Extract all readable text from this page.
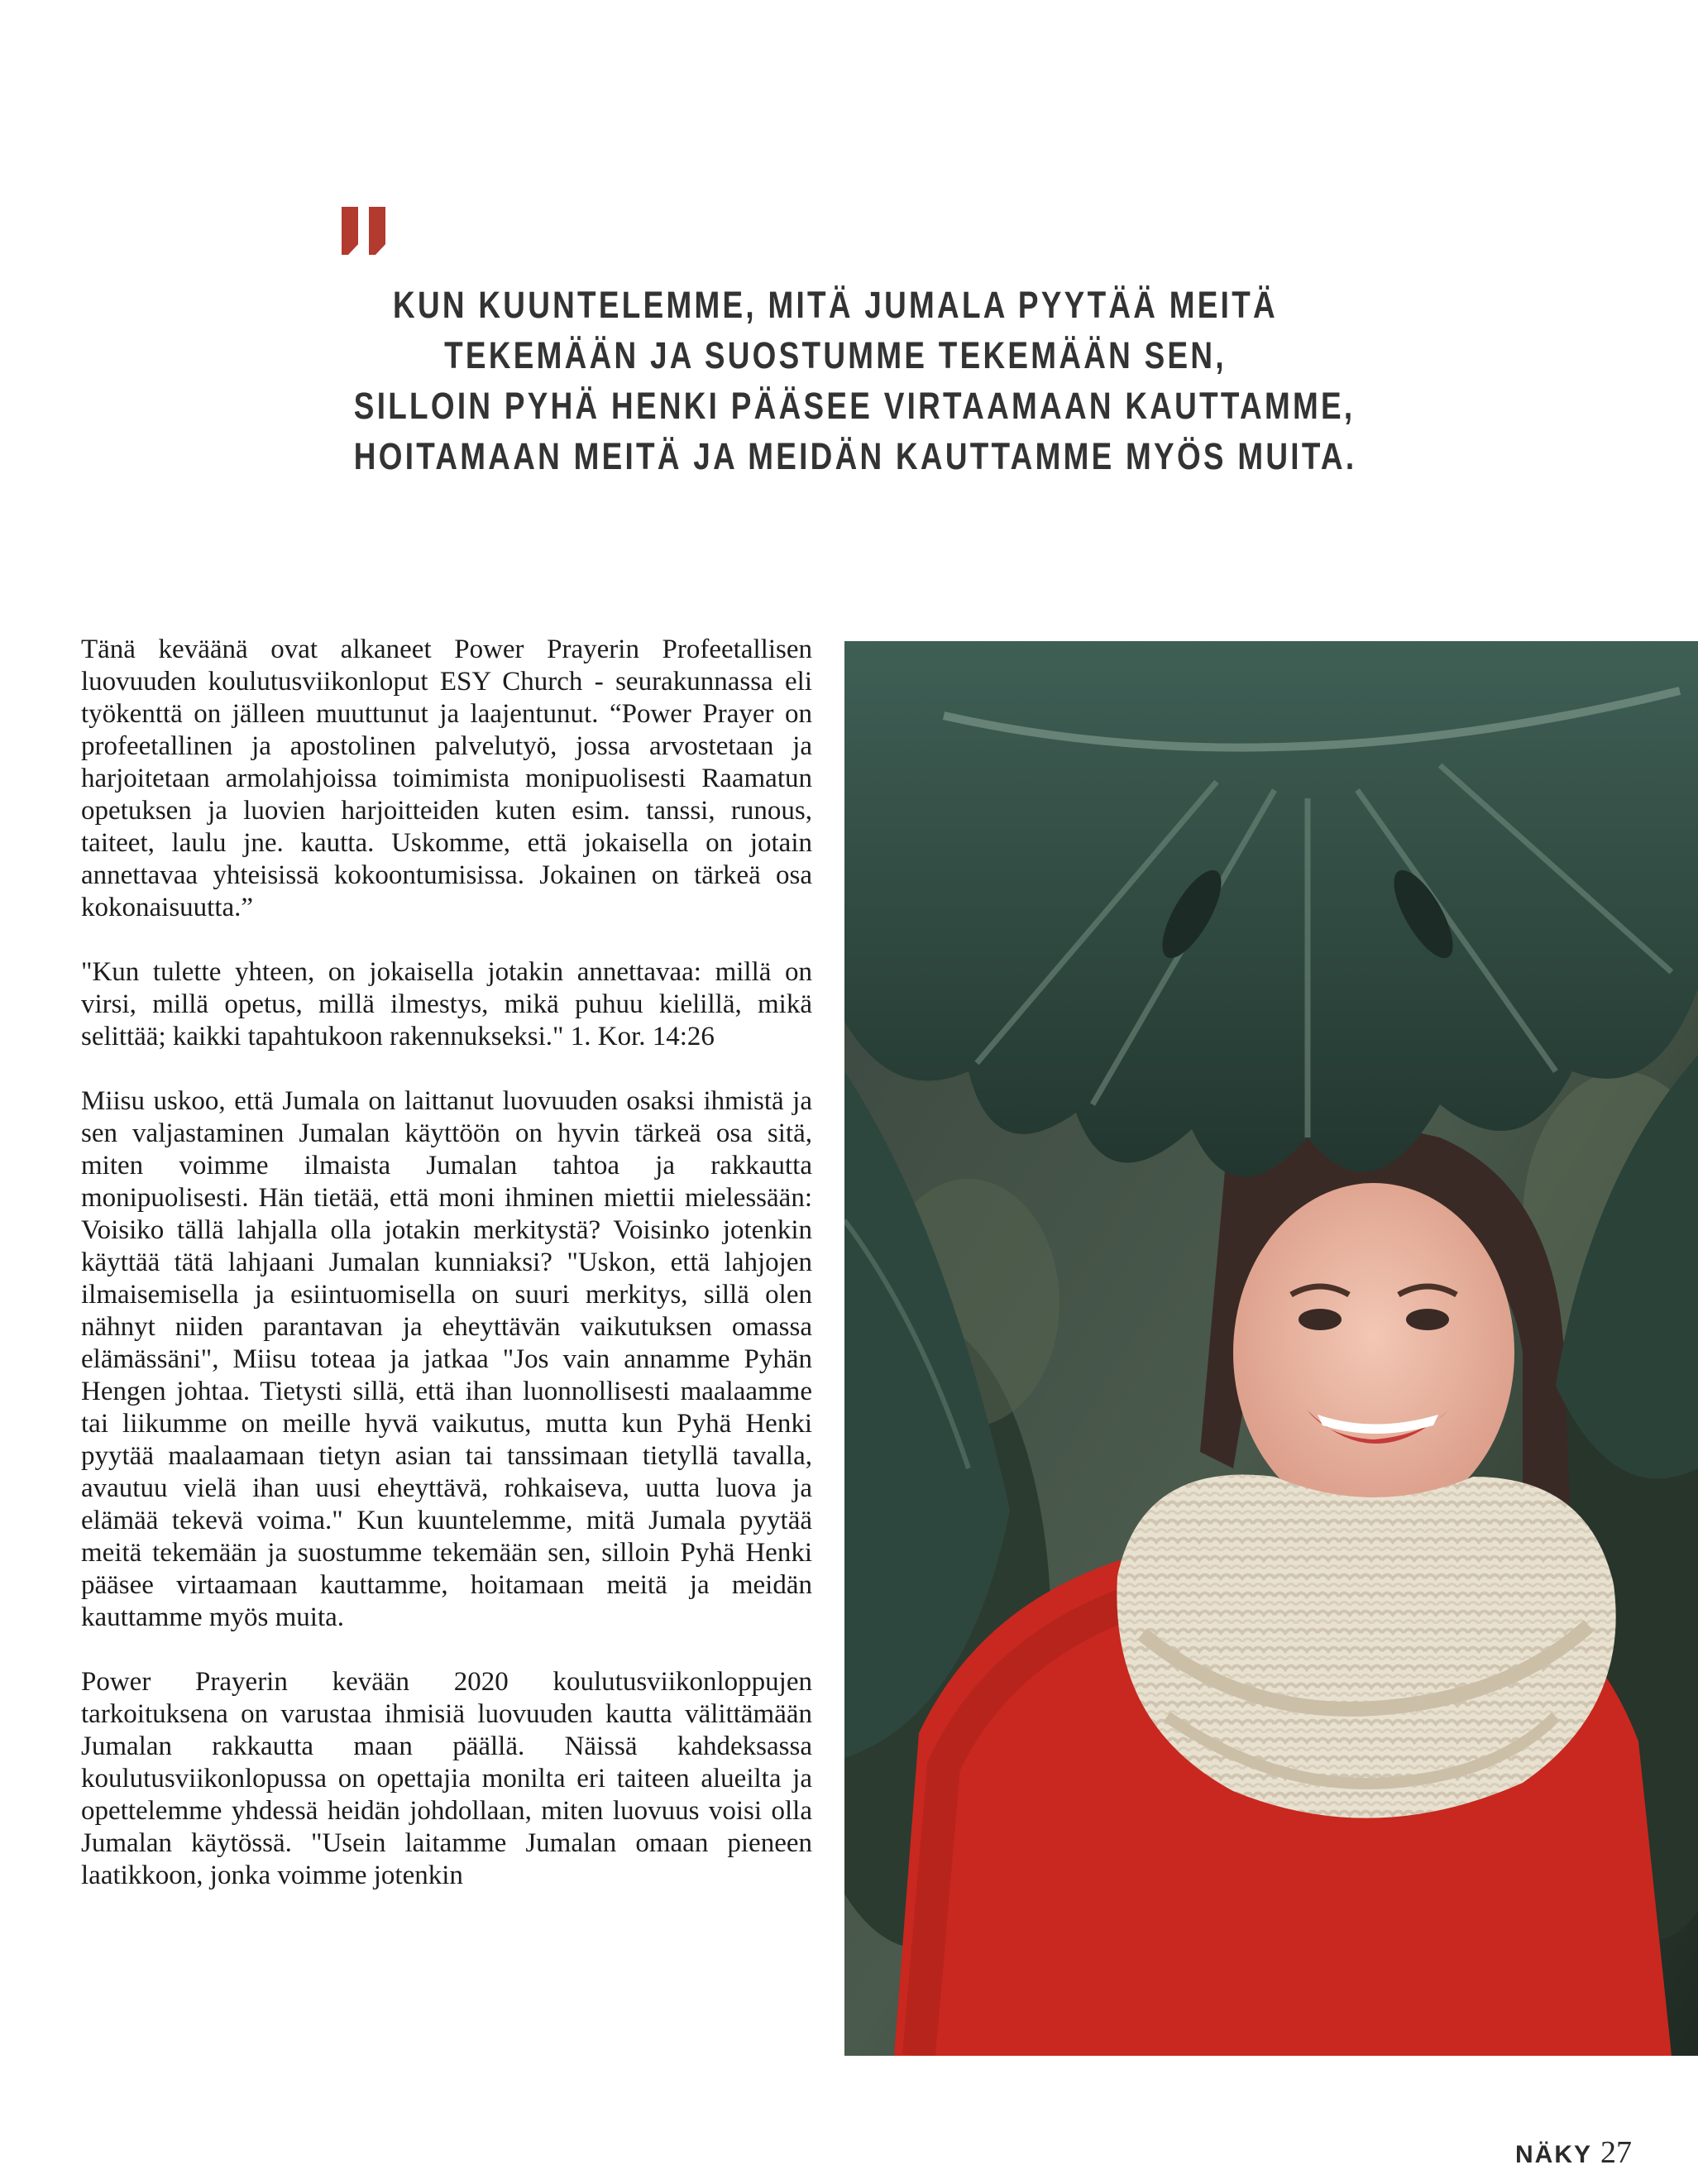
KUN KUUNTELEMME, MITÄ JUMALA PYYTÄÄ MEITÄ
TEKEMÄÄN JA SUOSTUMME TEKEMÄÄN SEN,
SILLOIN PYHÄ HENKI PÄÄSEE VIRTAAMAAN KAUTTAMME,
HOITAMAAN MEITÄ JA MEIDÄN KAUTTAMME MYÖS MUITA.

Tänä keväänä ovat alkaneet Power Prayerin Profeetallisen luovuuden koulutusviikonloput ESY Church - seurakunnassa eli työkenttä on jälleen muuttunut ja laajentunut. “Power Prayer on profeetallinen ja apostolinen palvelutyö, jossa arvostetaan ja harjoitetaan armolahjoissa toimimista monipuolisesti Raamatun opetuksen ja luovien harjoitteiden kuten esim. tanssi, runous, taiteet, laulu jne. kautta. Uskomme, että jokaisella on jotain annettavaa yhteisissä kokoontumisissa. Jokainen on tärkeä osa kokonaisuutta.”

"Kun tulette yhteen, on jokaisella jotakin annettavaa: millä on virsi, millä opetus, millä ilmestys, mikä puhuu kielillä, mikä selittää; kaikki tapahtukoon rakennukseksi." 1. Kor. 14:26

Miisu uskoo, että Jumala on laittanut luovuuden osaksi ihmistä ja sen valjastaminen Jumalan käyttöön on hyvin tärkeä osa sitä, miten voimme ilmaista Jumalan tahtoa ja rakkautta monipuolisesti. Hän tietää, että moni ihminen miettii mielessään: Voisiko tällä lahjalla olla jotakin merkitystä? Voisinko jotenkin käyttää tätä lahjaani Jumalan kunniaksi? "Uskon, että lahjojen ilmaisemisella ja esiintuomisella on suuri merkitys, sillä olen nähnyt niiden parantavan ja eheyttävän vaikutuksen omassa elämässäni", Miisu toteaa ja jatkaa "Jos vain annamme Pyhän Hengen johtaa. Tietysti sillä, että ihan luonnollisesti maalaamme tai liikumme on meille hyvä vaikutus, mutta kun Pyhä Henki pyytää maalaamaan tietyn asian tai tanssimaan tietyllä tavalla, avautuu vielä ihan uusi eheyttävä, rohkaiseva, uutta luova ja elämää tekevä voima." Kun kuuntelemme, mitä Jumala pyytää meitä tekemään ja suostumme tekemään sen, silloin Pyhä Henki pääsee virtaamaan kauttamme, hoitamaan meitä ja meidän kauttamme myös muita.

Power Prayerin kevään 2020 koulutusviikonloppujen tarkoituksena on varustaa ihmisiä luovuuden kautta välittämään Jumalan rakkautta maan päällä. Näissä kahdeksassa koulutusviikonlopussa on opettajia monilta eri taiteen alueilta ja opettelemme yhdessä heidän johdollaan, miten luovuus voisi olla Jumalan käytössä. "Usein laitamme Jumalan omaan pieneen laatikkoon, jonka voimme jotenkin

NÄKY 27
